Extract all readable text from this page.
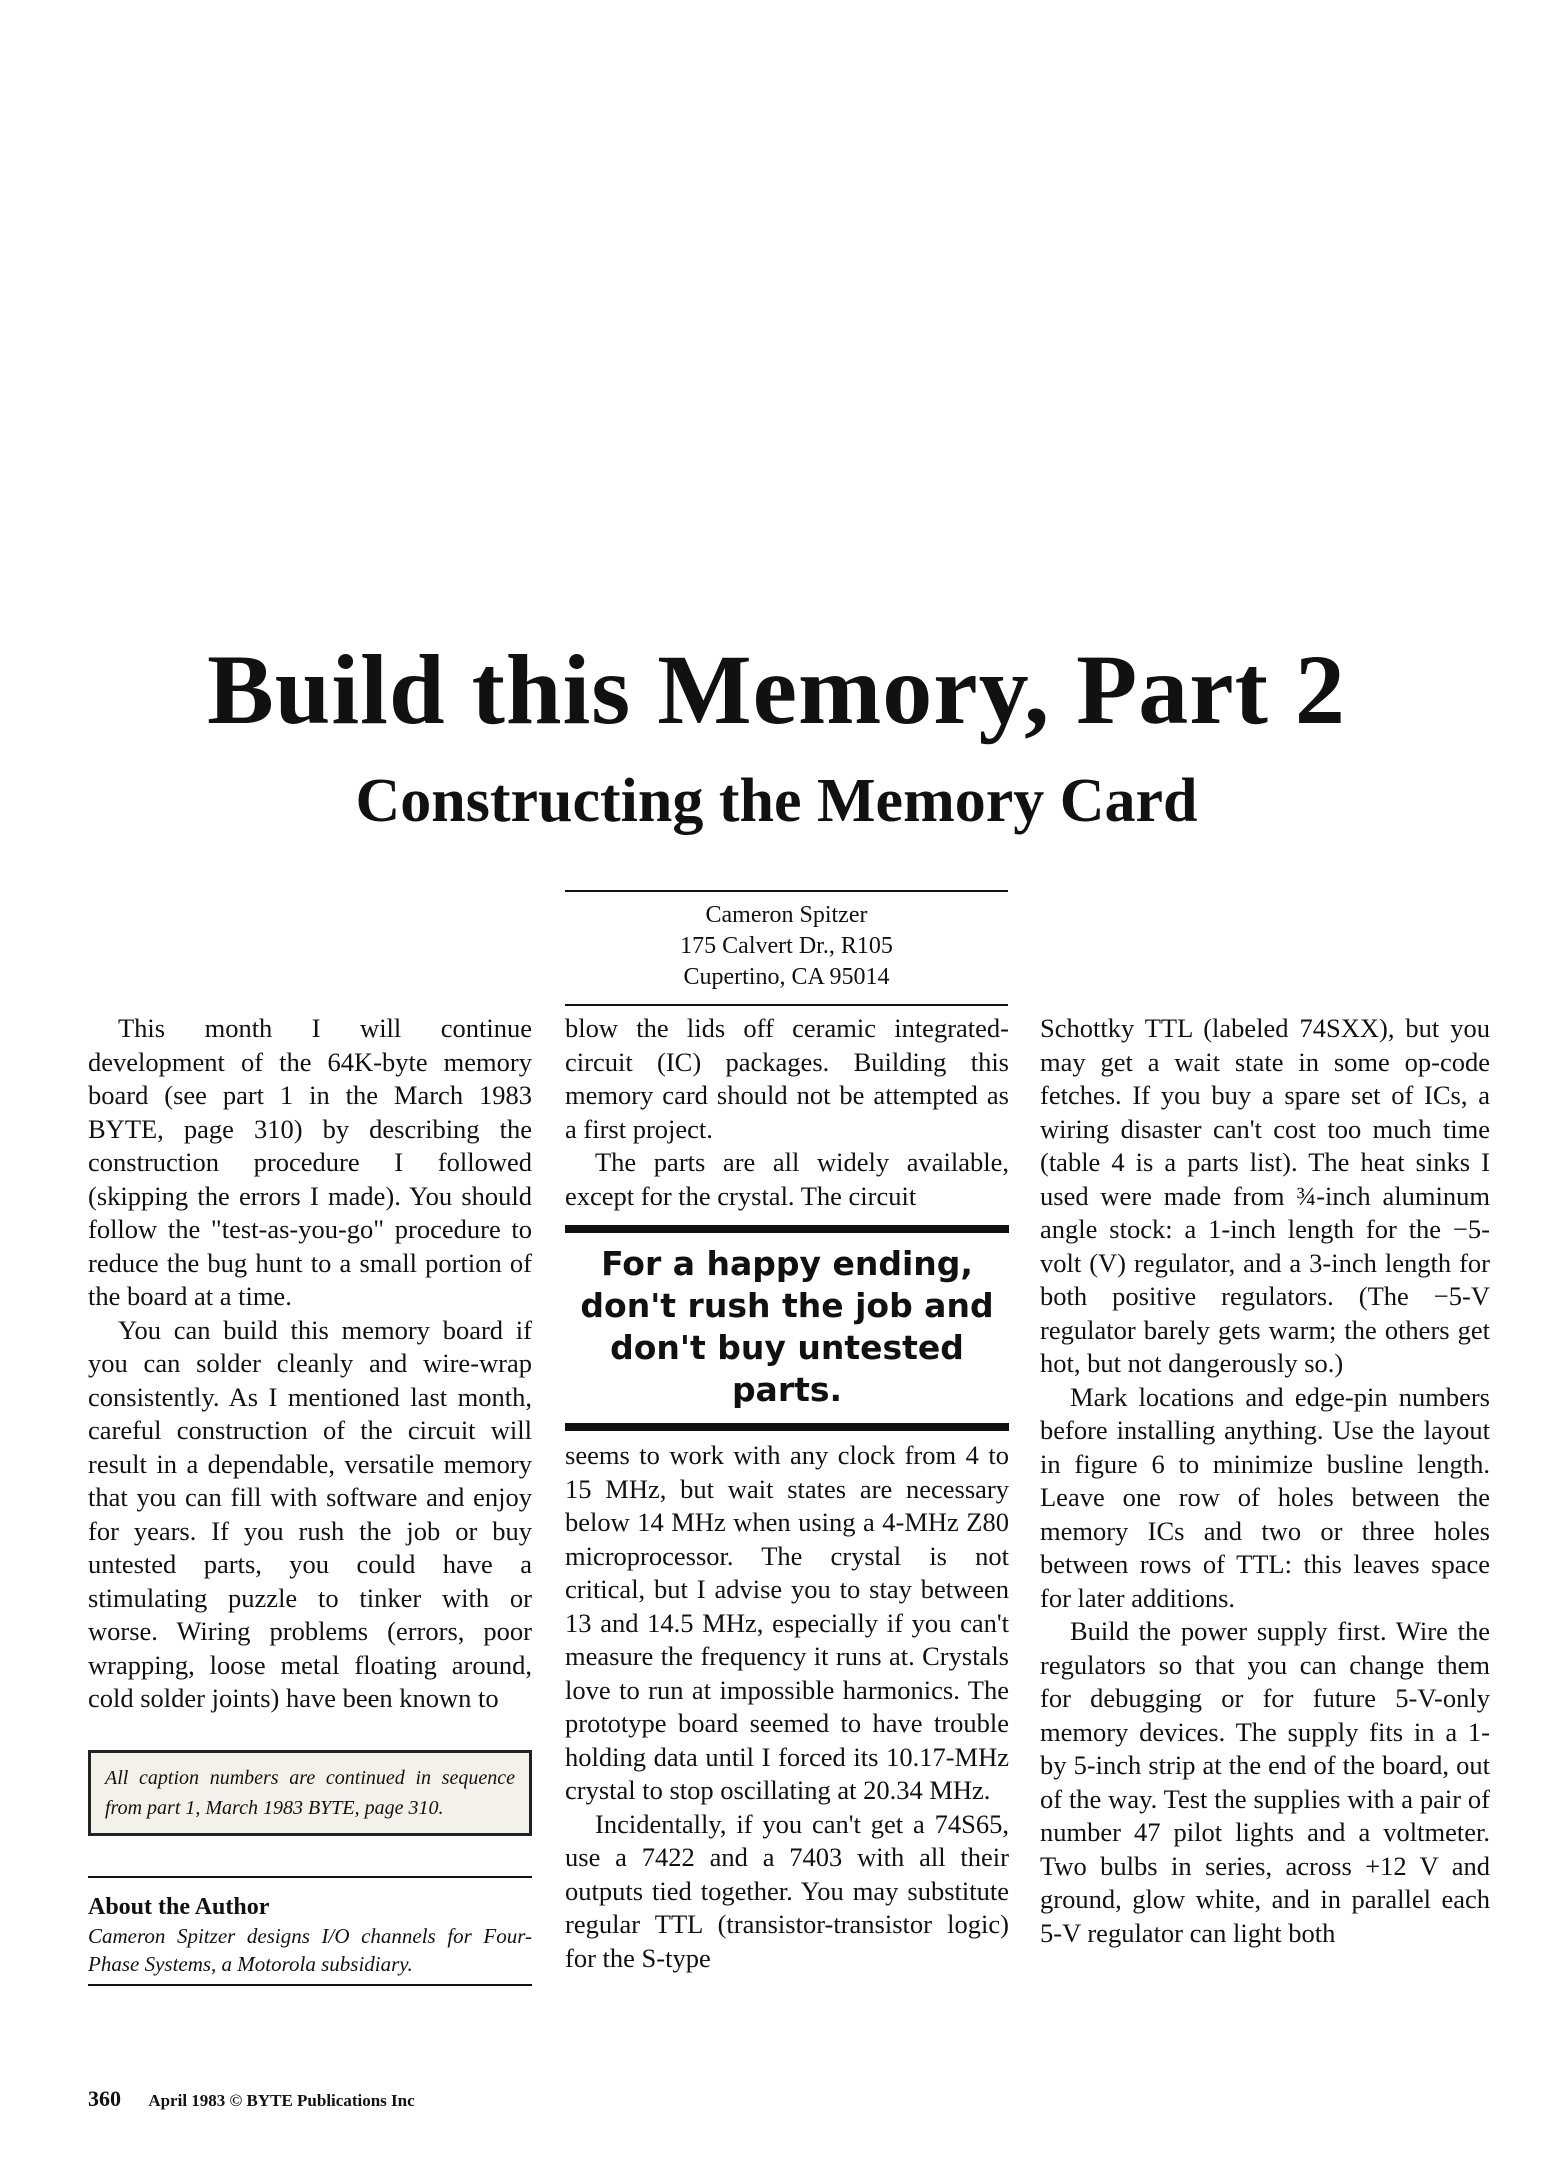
Build this Memory, Part 2
Constructing the Memory Card
Cameron Spitzer
175 Calvert Dr., R105
Cupertino, CA 95014

This month I will continue development of the 64K-byte memory board (see part 1 in the March 1983 BYTE, page 310) by describing the construction procedure I followed (skipping the errors I made). You should follow the "test-as-you-go" procedure to reduce the bug hunt to a small portion of the board at a time.

You can build this memory board if you can solder cleanly and wire-wrap consistently. As I mentioned last month, careful construction of the circuit will result in a dependable, versatile memory that you can fill with software and enjoy for years. If you rush the job or buy untested parts, you could have a stimulating puzzle to tinker with or worse. Wiring problems (errors, poor wrapping, loose metal floating around, cold solder joints) have been known to

All caption numbers are continued in sequence from part 1, March 1983 BYTE, page 310.
About the Author
Cameron Spitzer designs I/O channels for Four-Phase Systems, a Motorola subsidiary.

blow the lids off ceramic integrated-circuit (IC) packages. Building this memory card should not be attempted as a first project.

The parts are all widely available, except for the crystal. The circuit

For a happy ending, don't rush the job and don't buy untested parts.

seems to work with any clock from 4 to 15 MHz, but wait states are necessary below 14 MHz when using a 4-MHz Z80 microprocessor. The crystal is not critical, but I advise you to stay between 13 and 14.5 MHz, especially if you can't measure the frequency it runs at. Crystals love to run at impossible harmonics. The prototype board seemed to have trouble holding data until I forced its 10.17-MHz crystal to stop oscillating at 20.34 MHz.

Incidentally, if you can't get a 74S65, use a 7422 and a 7403 with all their outputs tied together. You may substitute regular TTL (transistor-transistor logic) for the S-type

Schottky TTL (labeled 74SXX), but you may get a wait state in some op-code fetches. If you buy a spare set of ICs, a wiring disaster can't cost too much time (table 4 is a parts list). The heat sinks I used were made from ¾-inch aluminum angle stock: a 1-inch length for the −5-volt (V) regulator, and a 3-inch length for both positive regulators. (The −5-V regulator barely gets warm; the others get hot, but not dangerously so.)

Mark locations and edge-pin numbers before installing anything. Use the layout in figure 6 to minimize busline length. Leave one row of holes between the memory ICs and two or three holes between rows of TTL: this leaves space for later additions.

Build the power supply first. Wire the regulators so that you can change them for debugging or for future 5-V-only memory devices. The supply fits in a 1- by 5-inch strip at the end of the board, out of the way. Test the supplies with a pair of number 47 pilot lights and a voltmeter. Two bulbs in series, across +12 V and ground, glow white, and in parallel each 5-V regulator can light both

360 April 1983 © BYTE Publications Inc
